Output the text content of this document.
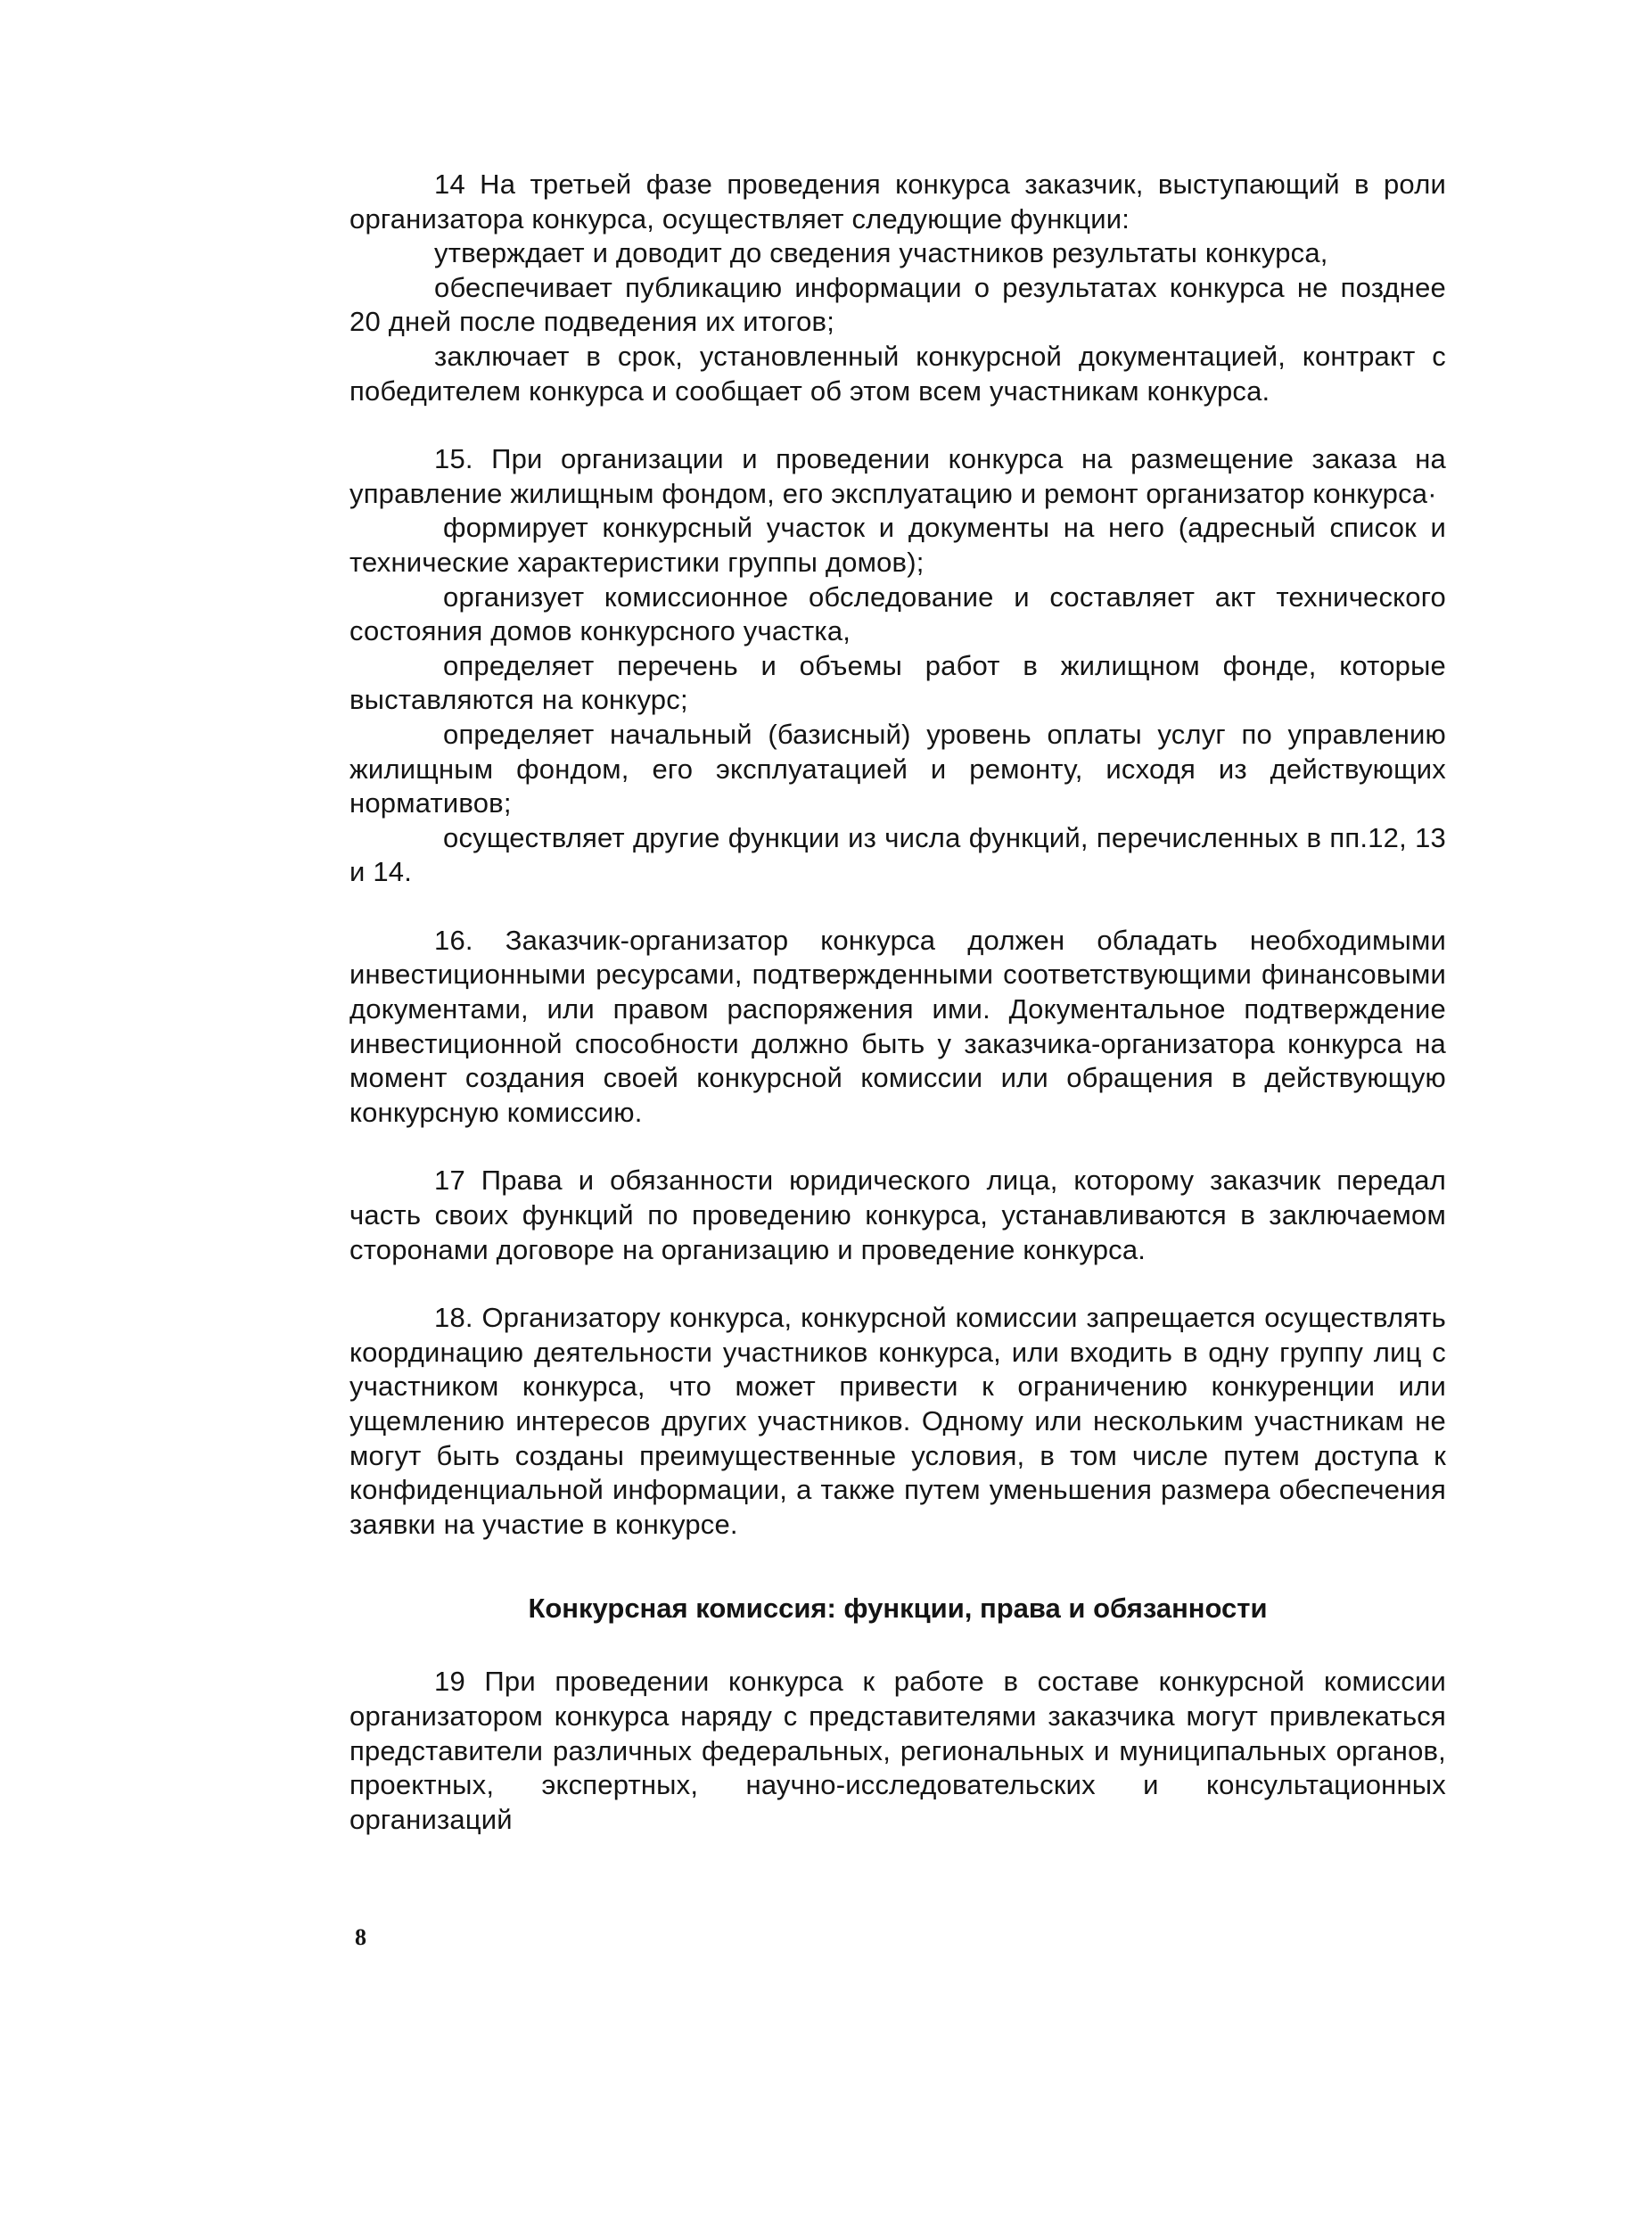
14 На третьей фазе проведения конкурса заказчик, выступающий в роли организатора конкурса, осуществляет следующие функции:

утверждает и доводит до сведения участников результаты конкурса,

обеспечивает публикацию информации о результатах конкурса не позднее 20 дней после подведения их итогов;

заключает в срок, установленный конкурсной документацией, контракт с победителем конкурса и сообщает об этом всем участникам конкурса.

15. При организации и проведении конкурса на размещение заказа на управление жилищным фондом, его эксплуатацию и ремонт организатор конкурса·

формирует конкурсный участок и документы на него (адресный список и технические характеристики группы домов);

организует комиссионное обследование и составляет акт технического состояния домов конкурсного участка,

определяет перечень и объемы работ в жилищном фонде, которые выставляются на конкурс;

определяет начальный (базисный) уровень оплаты услуг по управлению жилищным фондом, его эксплуатацией и ремонту, исходя из действующих нормативов;

осуществляет другие функции из числа функций, перечисленных в пп.12, 13 и 14.

16. Заказчик-организатор конкурса должен обладать необходимыми инвестиционными ресурсами, подтвержденными соответствующими финансовыми документами, или правом распоряжения ими. Документальное подтверждение инвестиционной способности должно быть у заказчика-организатора конкурса на момент создания своей конкурсной комиссии или обращения в действующую конкурсную комиссию.

17 Права и обязанности юридического лица, которому заказчик передал часть своих функций по проведению конкурса, устанавливаются в заключаемом сторонами договоре на организацию и проведение конкурса.

18. Организатору конкурса, конкурсной комиссии запрещается осуществлять координацию деятельности участников конкурса, или входить в одну группу лиц с участником конкурса, что может привести к ограничению конкуренции или ущемлению интересов других участников. Одному или нескольким участникам не могут быть созданы преимущественные условия, в том числе путем доступа к конфиденциальной информации, а также путем уменьшения размера обеспечения заявки на участие в конкурсе.

Конкурсная комиссия: функции, права и обязанности

19 При проведении конкурса к работе в составе конкурсной комиссии организатором конкурса наряду с представителями заказчика могут привлекаться представители различных федеральных, региональных и муниципальных органов, проектных, экспертных, научно-исследовательских и консультационных организаций

8
